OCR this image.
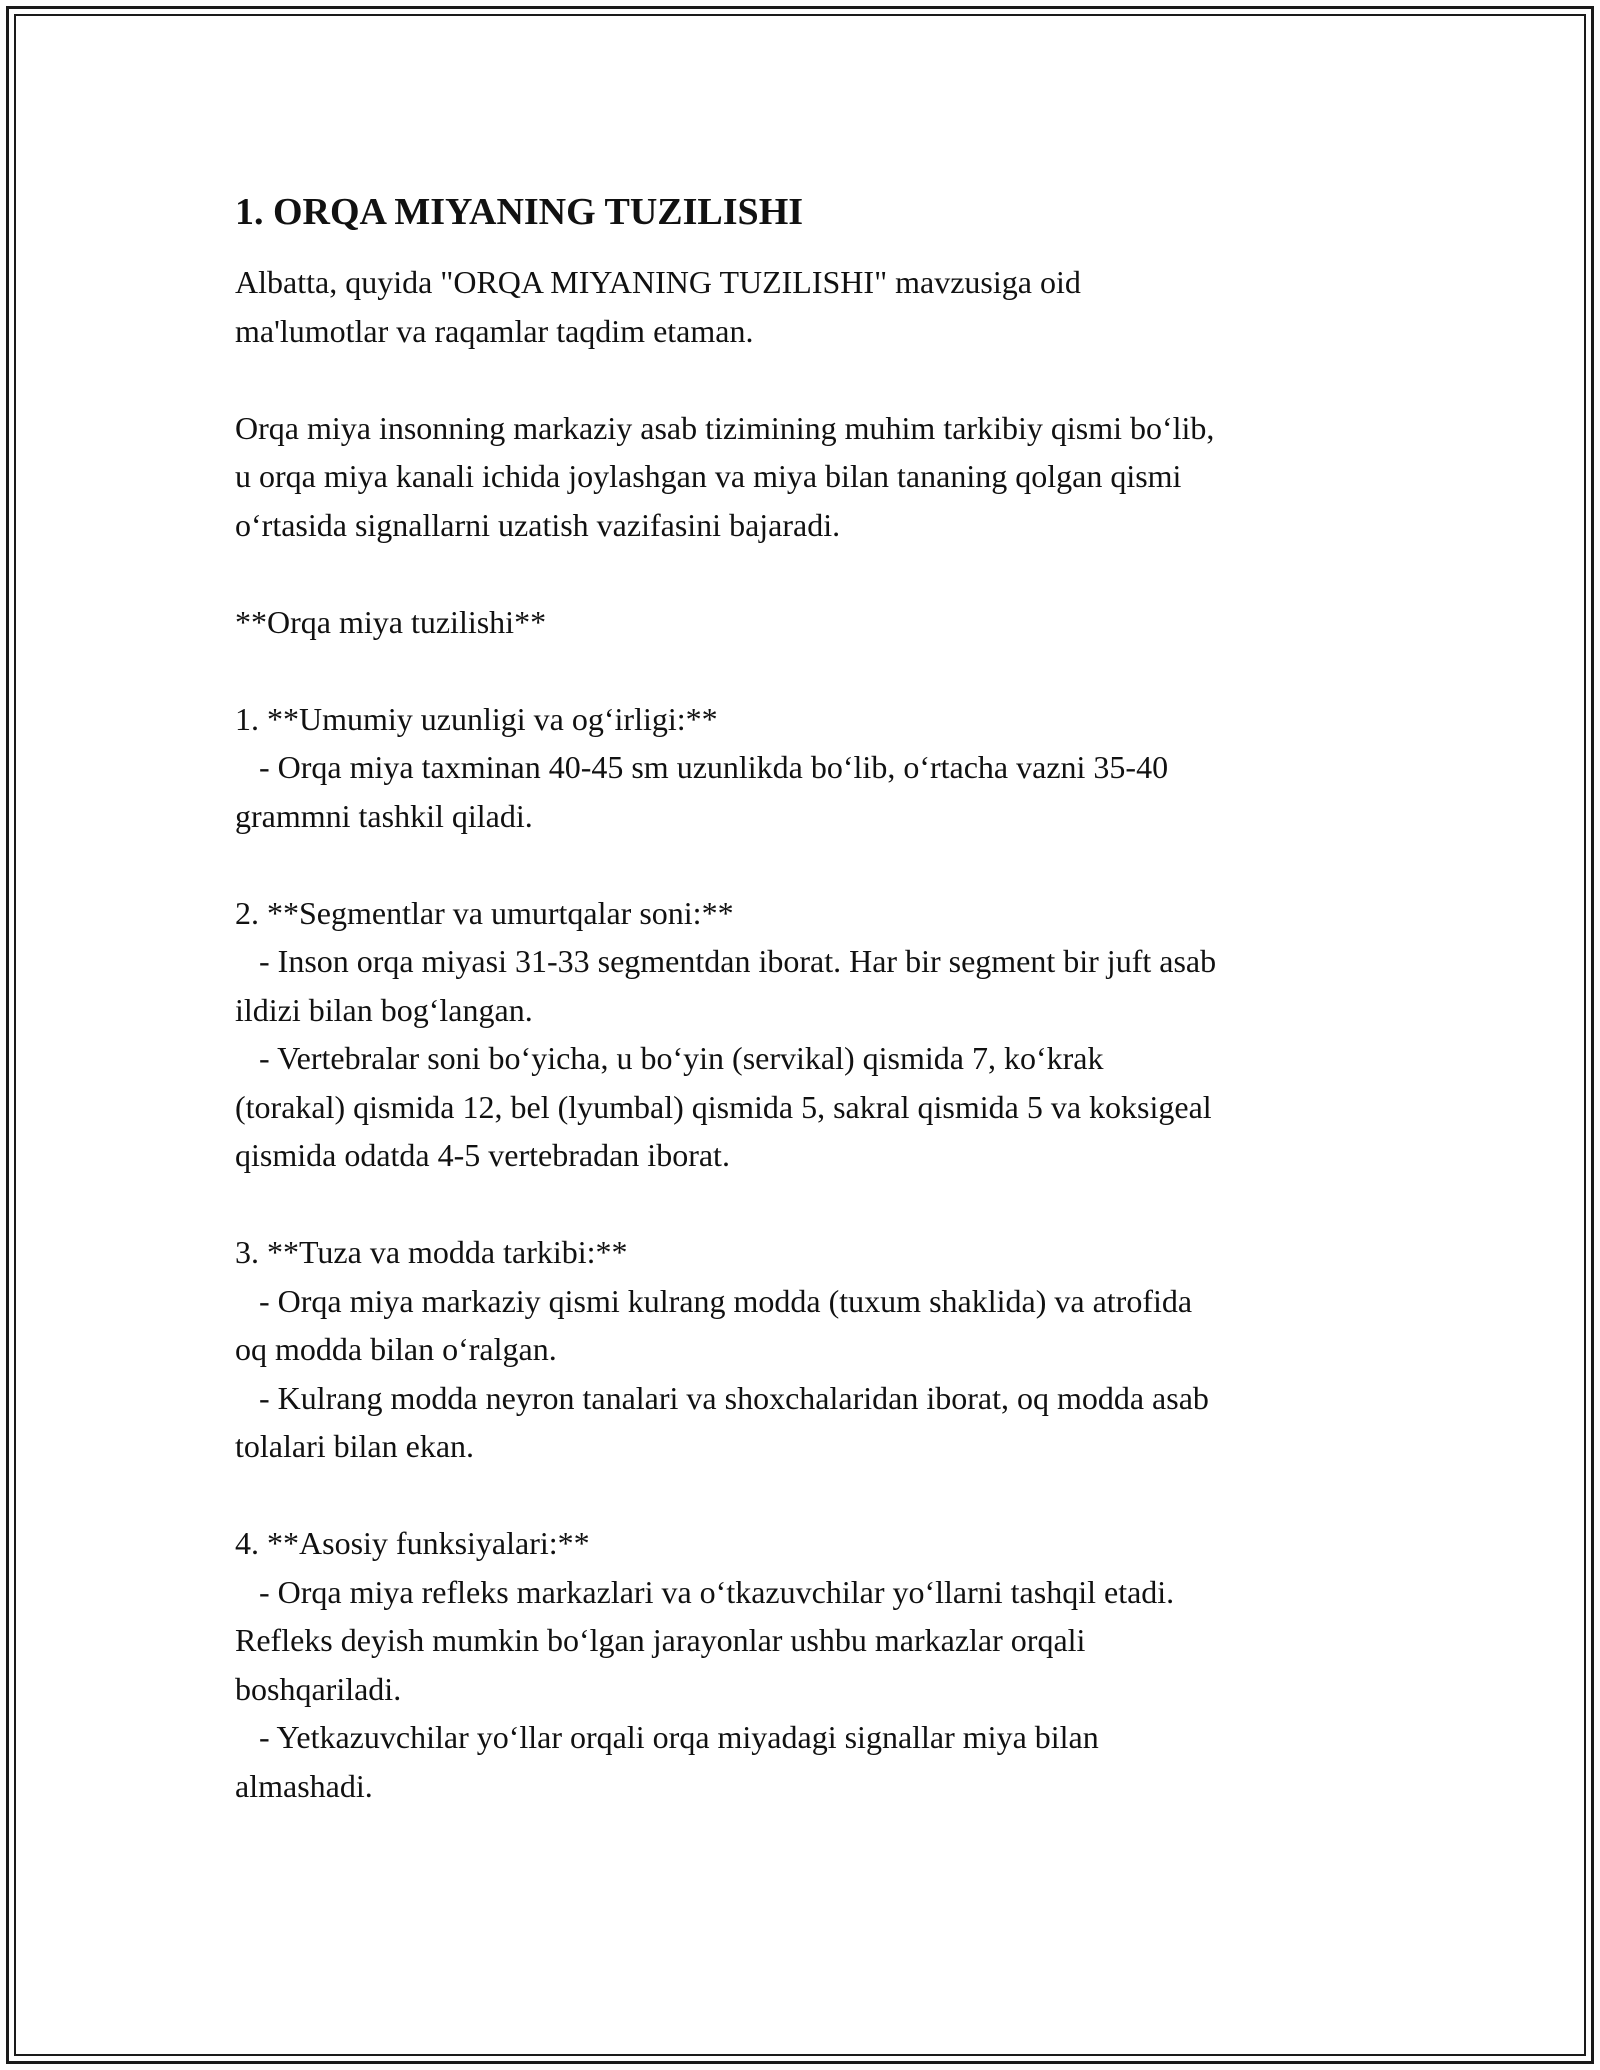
1. ORQA MIYANING TUZILISHI
Albatta, quyida "ORQA MIYANING TUZILISHI" mavzusiga oid
ma'lumotlar va raqamlar taqdim etaman.
Orqa miya insonning markaziy asab tizimining muhim tarkibiy qismi bo‘lib,
u orqa miya kanali ichida joylashgan va miya bilan tananing qolgan qismi
o‘rtasida signallarni uzatish vazifasini bajaradi.
**Orqa miya tuzilishi**
1. **Umumiy uzunligi va og‘irligi:**
- Orqa miya taxminan 40-45 sm uzunlikda bo‘lib, o‘rtacha vazni 35-40
grammni tashkil qiladi.
2. **Segmentlar va umurtqalar soni:**
- Inson orqa miyasi 31-33 segmentdan iborat. Har bir segment bir juft asab
ildizi bilan bog‘langan.
- Vertebralar soni bo‘yicha, u bo‘yin (servikal) qismida 7, ko‘krak
(torakal) qismida 12, bel (lyumbal) qismida 5, sakral qismida 5 va koksigeal
qismida odatda 4-5 vertebradan iborat.
3. **Tuza va modda tarkibi:**
- Orqa miya markaziy qismi kulrang modda (tuxum shaklida) va atrofida
oq modda bilan o‘ralgan.
- Kulrang modda neyron tanalari va shoxchalaridan iborat, oq modda asab
tolalari bilan ekan.
4. **Asosiy funksiyalari:**
- Orqa miya refleks markazlari va o‘tkazuvchilar yo‘llarni tashqil etadi.
Refleks deyish mumkin bo‘lgan jarayonlar ushbu markazlar orqali
boshqariladi.
- Yetkazuvchilar yo‘llar orqali orqa miyadagi signallar miya bilan
almashadi.
